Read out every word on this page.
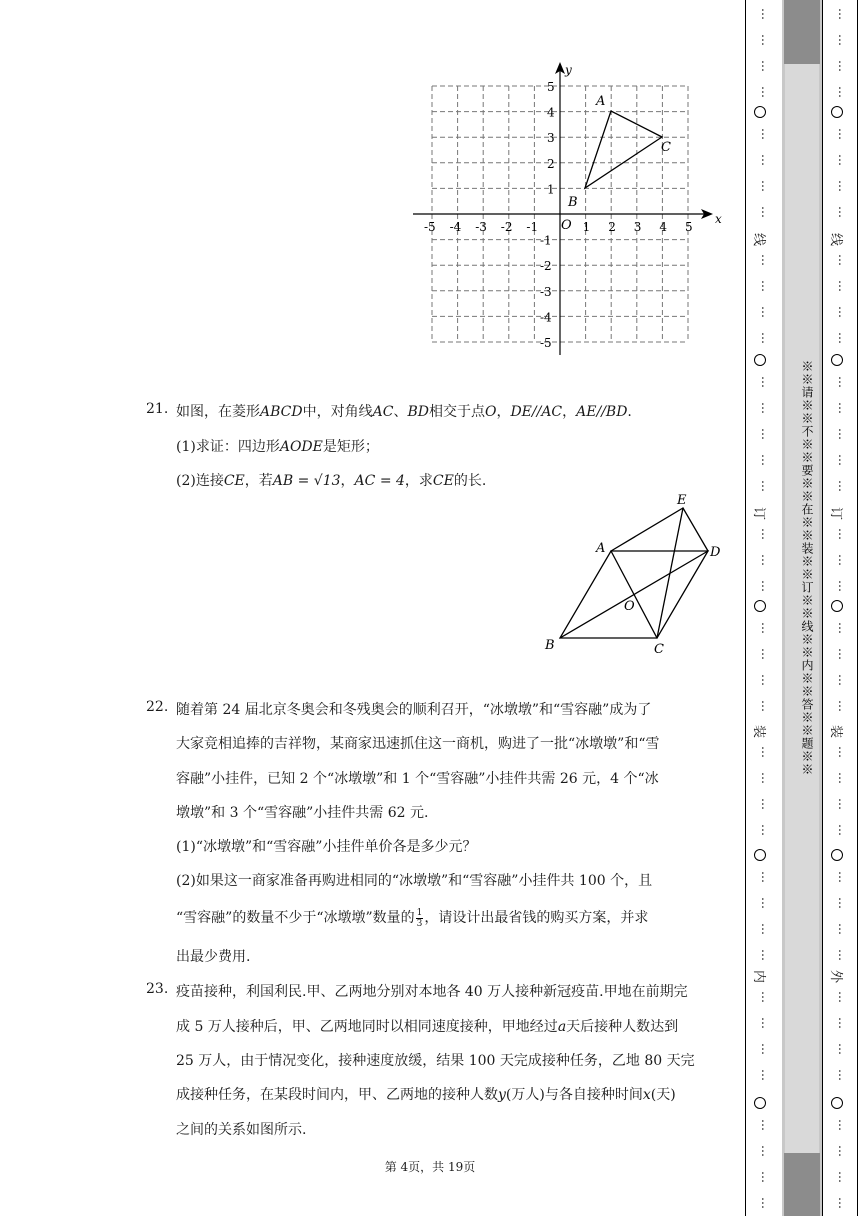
x
y
O
-5 -4 -3 -2 -1	1 2 3 4 5
5
4
3
2
1
-1
-2
-3
-4
-5
A
B
C
21. 如图，在菱形ABCD中，对角线AC、BD相交于点O，DE//AC，AE//BD.
(1)求证：四边形AODE是矩形；
(2)连接CE，若AB = √13，AC = 4，求CE的长.
A
B	C
D
E
O
22. 随着第 24 届北京冬奥会和冬残奥会的顺利召开，“冰墩墩”和“雪容融”成为了
大家竞相追捧的吉祥物，某商家迅速抓住这一商机，购进了一批“冰墩墩”和“雪
容融”小挂件，已知 2 个“冰墩墩”和 1 个“雪容融”小挂件共需 26 元，4 个“冰
墩墩”和 3 个“雪容融”小挂件共需 62 元.
(1)“冰墩墩”和“雪容融”小挂件单价各是多少元？
(2)如果这一商家准备再购进相同的“冰墩墩”和“雪容融”小挂件共 100 个，且
“雪容融”的数量不少于“冰墩墩”数量的 $\frac{1}{3}$ ，请设计出最省钱的购买方案，并求
出最少费用.
23. 疫苗接种，利国利民.甲、乙两地分别对本地各 40 万人接种新冠疫苗.甲地在前期完
成 5 万人接种后，甲、乙两地同时以相同速度接种，甲地经过a天后接种人数达到
25 万人，由于情况变化，接种速度放缓，结果 100 天完成接种任务，乙地 80 天完
成接种任务，在某段时间内，甲、乙两地的接种人数y(万人)与各自接种时间x(天)
之间的关系如图所示.
第 4页，共 19页
※※请※※不※※要※※在※※装※※订※※线※※内※※答※※题※※
…
…
…
…
…
…
…
…
线
…
…
…
…
…
…
…
…
…
订
…
…
…
…
…
…
…
装
…
…
…
…
…
…
…
…
内
…
…
…
…
…
…
…
…
…
…
…
…
…
…
…
…
线
…
…
…
…
…
…
…
…
…
订
…
…
…
…
…
…
…
装
…
…
…
…
…
…
…
…
外
…
…
…
…
…
…
…
…
